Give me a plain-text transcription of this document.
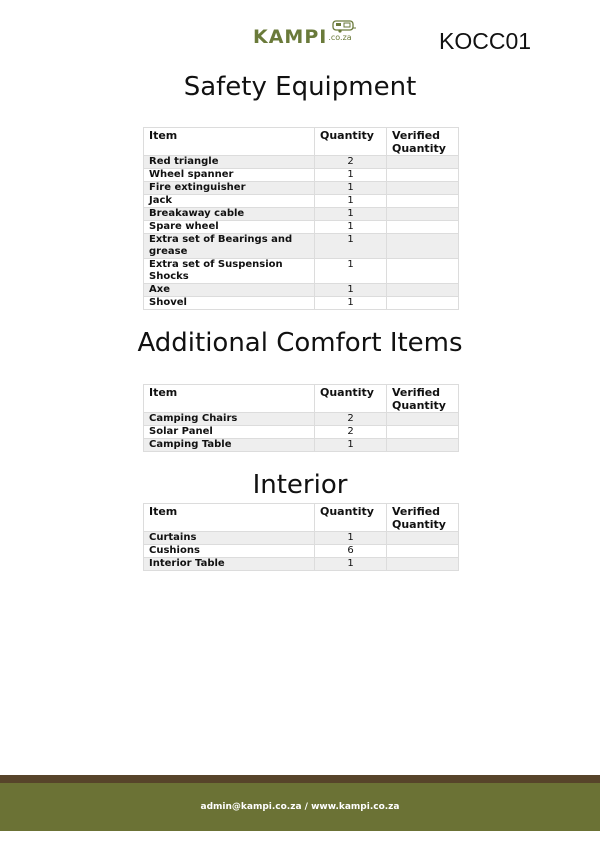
KAMPI .co.za	KOCC01
Safety Equipment
Item	Quantity	Verified Quantity
Red triangle	2	
Wheel spanner	1	
Fire extinguisher	1	
Jack	1	
Breakaway cable	1	
Spare wheel	1	
Extra set of Bearings and grease	1	
Extra set of Suspension Shocks	1	
Axe	1	
Shovel	1	
Additional Comfort Items
Item	Quantity	Verified Quantity
Camping Chairs	2	
Solar Panel	2	
Camping Table	1	
Interior
Item	Quantity	Verified Quantity
Curtains	1	
Cushions	6	
Interior Table	1	
admin@kampi.co.za / www.kampi.co.za
